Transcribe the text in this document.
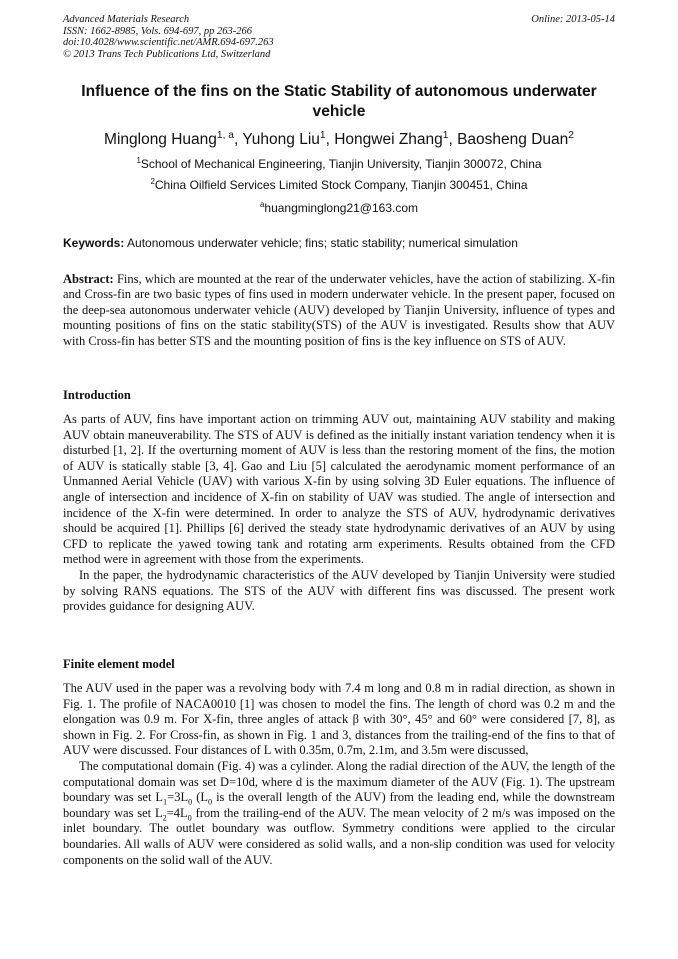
Advanced Materials Research
ISSN: 1662-8985, Vols. 694-697, pp 263-266
doi:10.4028/www.scientific.net/AMR.694-697.263
© 2013 Trans Tech Publications Ltd, Switzerland
Online: 2013-05-14
Influence of the fins on the Static Stability of autonomous underwater vehicle
Minglong Huang$^{1, a}$, Yuhong Liu$^1$, Hongwei Zhang$^1$, Baosheng Duan$^2$
$^1$School of Mechanical Engineering, Tianjin University, Tianjin 300072, China
$^2$China Oilfield Services Limited Stock Company, Tianjin 300451, China
$^a$huangminglong21@163.com
Keywords: Autonomous underwater vehicle; fins; static stability; numerical simulation
Abstract: Fins, which are mounted at the rear of the underwater vehicles, have the action of stabilizing. X-fin and Cross-fin are two basic types of fins used in modern underwater vehicle. In the present paper, focused on the deep-sea autonomous underwater vehicle (AUV) developed by Tianjin University, influence of types and mounting positions of fins on the static stability(STS) of the AUV is investigated. Results show that AUV with Cross-fin has better STS and the mounting position of fins is the key influence on STS of AUV.
Introduction

As parts of AUV, fins have important action on trimming AUV out, maintaining AUV stability and making AUV obtain maneuverability. The STS of AUV is defined as the initially instant variation tendency when it is disturbed [1, 2]. If the overturning moment of AUV is less than the restoring moment of the fins, the motion of AUV is statically stable [3, 4]. Gao and Liu [5] calculated the aerodynamic moment performance of an Unmanned Aerial Vehicle (UAV) with various X-fin by using solving 3D Euler equations. The influence of angle of intersection and incidence of X-fin on stability of UAV was studied. The angle of intersection and incidence of the X-fin were determined. In order to analyze the STS of AUV, hydrodynamic derivatives should be acquired [1]. Phillips [6] derived the steady state hydrodynamic derivatives of an AUV by using CFD to replicate the yawed towing tank and rotating arm experiments. Results obtained from the CFD method were in agreement with those from the experiments.

In the paper, the hydrodynamic characteristics of the AUV developed by Tianjin University were studied by solving RANS equations. The STS of the AUV with different fins was discussed. The present work provides guidance for designing AUV.

Finite element model

The AUV used in the paper was a revolving body with 7.4 m long and 0.8 m in radial direction, as shown in Fig. 1. The profile of NACA0010 [1] was chosen to model the fins. The length of chord was 0.2 m and the elongation was 0.9 m. For X-fin, three angles of attack β with 30°, 45° and 60° were considered [7, 8], as shown in Fig. 2. For Cross-fin, as shown in Fig. 1 and 3, distances from the trailing-end of the fins to that of AUV were discussed. Four distances of L with 0.35m, 0.7m, 2.1m, and 3.5m were discussed,

The computational domain (Fig. 4) was a cylinder. Along the radial direction of the AUV, the length of the computational domain was set D=10d, where d is the maximum diameter of the AUV (Fig. 1). The upstream boundary was set $L_1=3L_0$ ($L_0$ is the overall length of the AUV) from the leading end, while the downstream boundary was set $L_2=4L_0$ from the trailing-end of the AUV. The mean velocity of 2 m/s was imposed on the inlet boundary. The outlet boundary was outflow. Symmetry conditions were applied to the circular boundaries. All walls of AUV were considered as solid walls, and a non-slip condition was used for velocity components on the solid wall of the AUV.
